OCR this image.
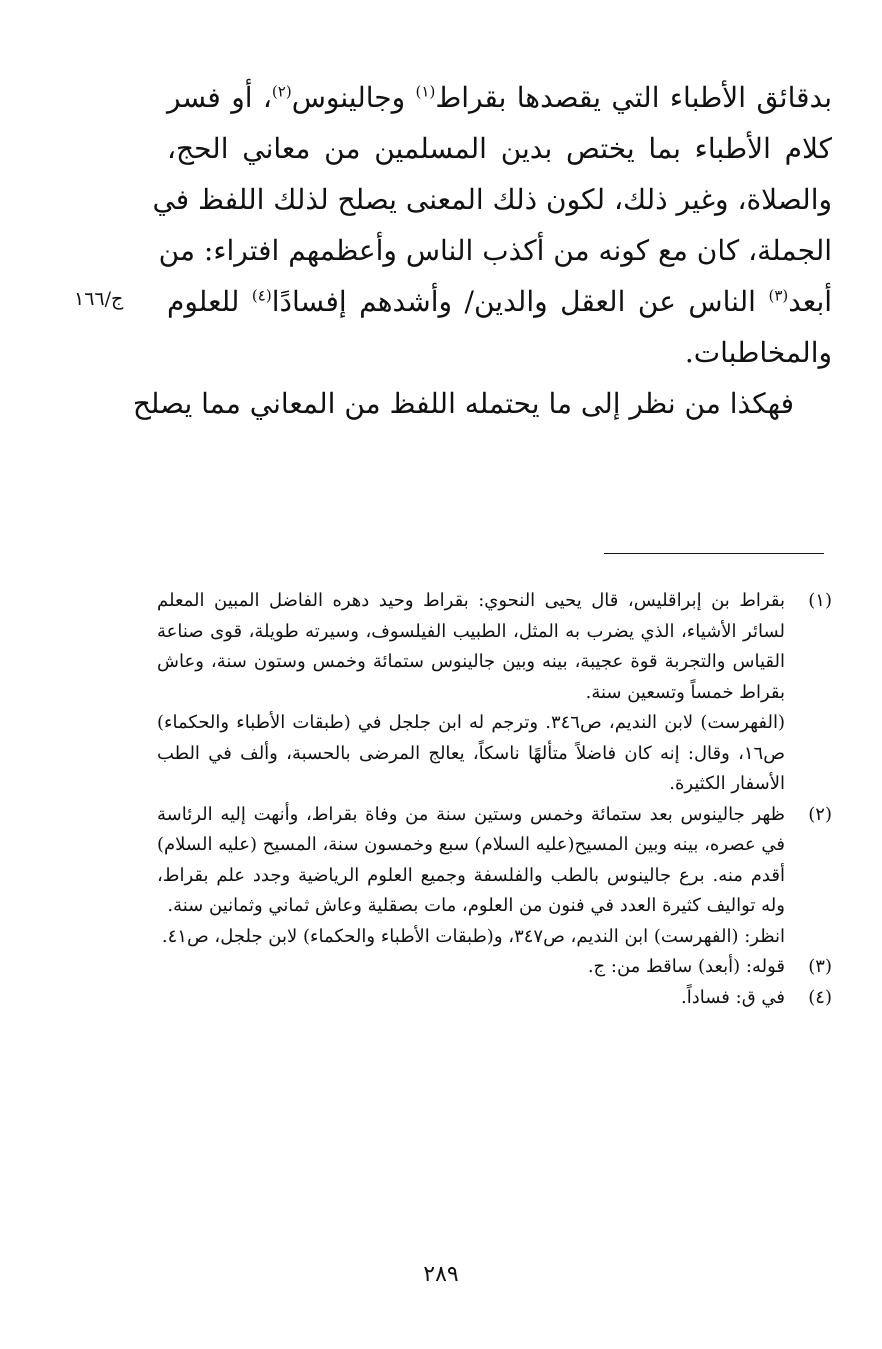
بدقائق الأطباء التي يقصدها بقراط$^{(١)}$ وجالينوس$^{(٢)}$، أو فسر
كلام الأطباء بما يختص بدين المسلمين من معاني الحج،
والصلاة، وغير ذلك، لكون ذلك المعنى يصلح لذلك اللفظ في
الجملة، كان مع كونه من أكذب الناس وأعظمهم افتراء: من
أبعد$^{(٣)}$ الناس عن العقل والدين/ وأشدهم إفسادًا$^{(٤)}$ للعلوم
والمخاطبات.
فهكذا من نظر إلى ما يحتمله اللفظ من المعاني مما يصلح
ج/١٦٦
(١)
بقراط بن إبراقليس، قال يحيى النحوي: بقراط وحيد دهره الفاضل المبين المعلم لسائر الأشياء، الذي يضرب به المثل، الطبيب الفيلسوف، وسيرته طويلة، قوى صناعة القياس والتجربة قوة عجيبة، بينه وبين جالينوس ستمائة وخمس وستون سنة، وعاش بقراط خمساً وتسعين سنة.
(الفهرست) لابن النديم، ص٣٤٦. وترجم له ابن جلجل في (طبقات الأطباء والحكماء) ص١٦، وقال: إنه كان فاضلاً متألهًا ناسكاً، يعالج المرضى بالحسبة، وألف في الطب الأسفار الكثيرة.
(٢)
ظهر جالينوس بعد ستمائة وخمس وستين سنة من وفاة بقراط، وأنهت إليه الرئاسة في عصره، بينه وبين المسيح(عليه السلام) سبع وخمسون سنة، المسيح (عليه السلام) أقدم منه. برع جالينوس بالطب والفلسفة وجميع العلوم الرياضية وجدد علم بقراط، وله تواليف كثيرة العدد في فنون من العلوم، مات بصقلية وعاش ثماني وثمانين سنة.
انظر: (الفهرست) ابن النديم، ص٣٤٧، و(طبقات الأطباء والحكماء) لابن جلجل، ص٤١.
(٣)
قوله: (أبعد) ساقط من: ج.
(٤)
في ق: فساداً.
٢٨٩
